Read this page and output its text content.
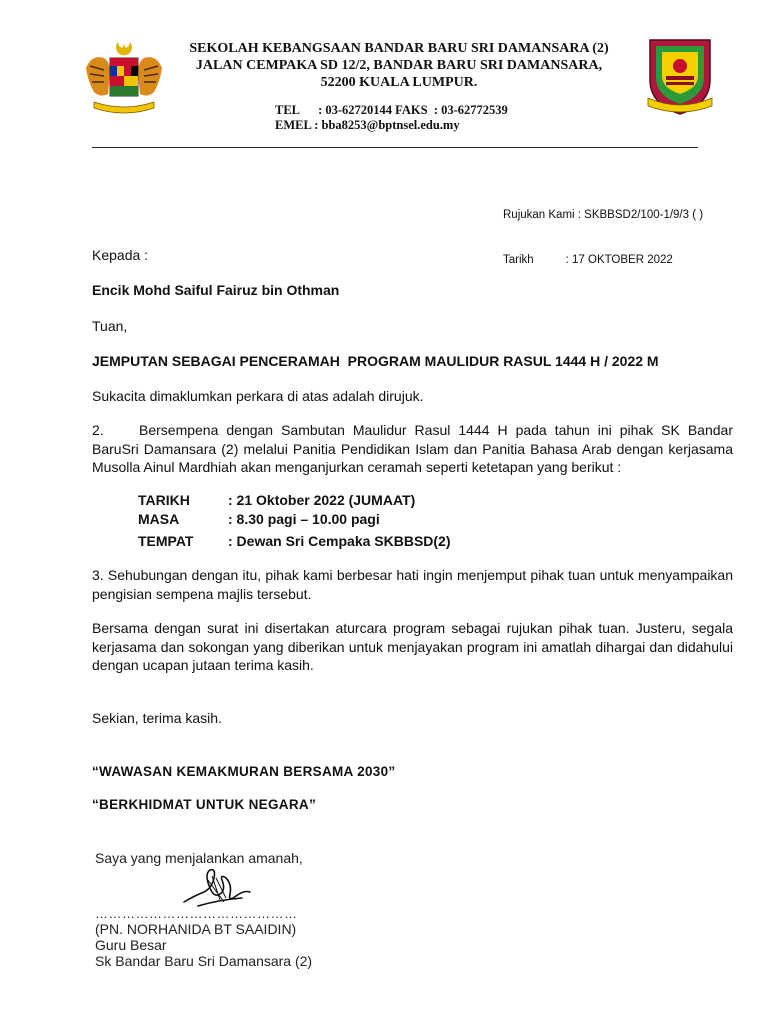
SEKOLAH KEBANGSAAN BANDAR BARU SRI DAMANSARA (2)
JALAN CEMPAKA SD 12/2, BANDAR BARU SRI DAMANSARA,
52200 KUALA LUMPUR.
TEL      : 03-62720144 FAKS  : 03-62772539
EMEL : bba8253@bptnsel.edu.my

Rujukan Kami : SKBBSD2/100-1/9/3 ( )

Tarikh          : 17 OKTOBER 2022

Kepada :
Encik Mohd Saiful Fairuz bin Othman
Tuan,
JEMPUTAN SEBAGAI PENCERAMAH  PROGRAM MAULIDUR RASUL 1444 H / 2022 M
Sukacita dimaklumkan perkara di atas adalah dirujuk.
2.	Bersempena dengan Sambutan Maulidur Rasul 1444 H pada tahun ini pihak SK Bandar BaruSri Damansara (2) melalui Panitia Pendidikan Islam dan Panitia Bahasa Arab dengan kerjasama Musolla Ainul Mardhiah akan menganjurkan ceramah seperti ketetapan yang berikut :
TARIKH	: 21 Oktober 2022 (JUMAAT)
MASA	: 8.30 pagi – 10.00 pagi
TEMPAT	: Dewan Sri Cempaka SKBBSD(2)
3. Sehubungan dengan itu, pihak kami berbesar hati ingin menjemput pihak tuan untuk menyampaikan pengisian sempena majlis tersebut.
Bersama dengan surat ini disertakan aturcara program sebagai rujukan pihak tuan. Justeru, segala kerjasama dan sokongan yang diberikan untuk menjayakan program ini amatlah dihargai dan didahului dengan ucapan jutaan terima kasih.
Sekian, terima kasih.
“WAWASAN KEMAKMURAN BERSAMA 2030”
“BERKHIDMAT UNTUK NEGARA”
Saya yang menjalankan amanah,
………………………………………
(PN. NORHANIDA BT SAAIDIN)
Guru Besar
Sk Bandar Baru Sri Damansara (2)
